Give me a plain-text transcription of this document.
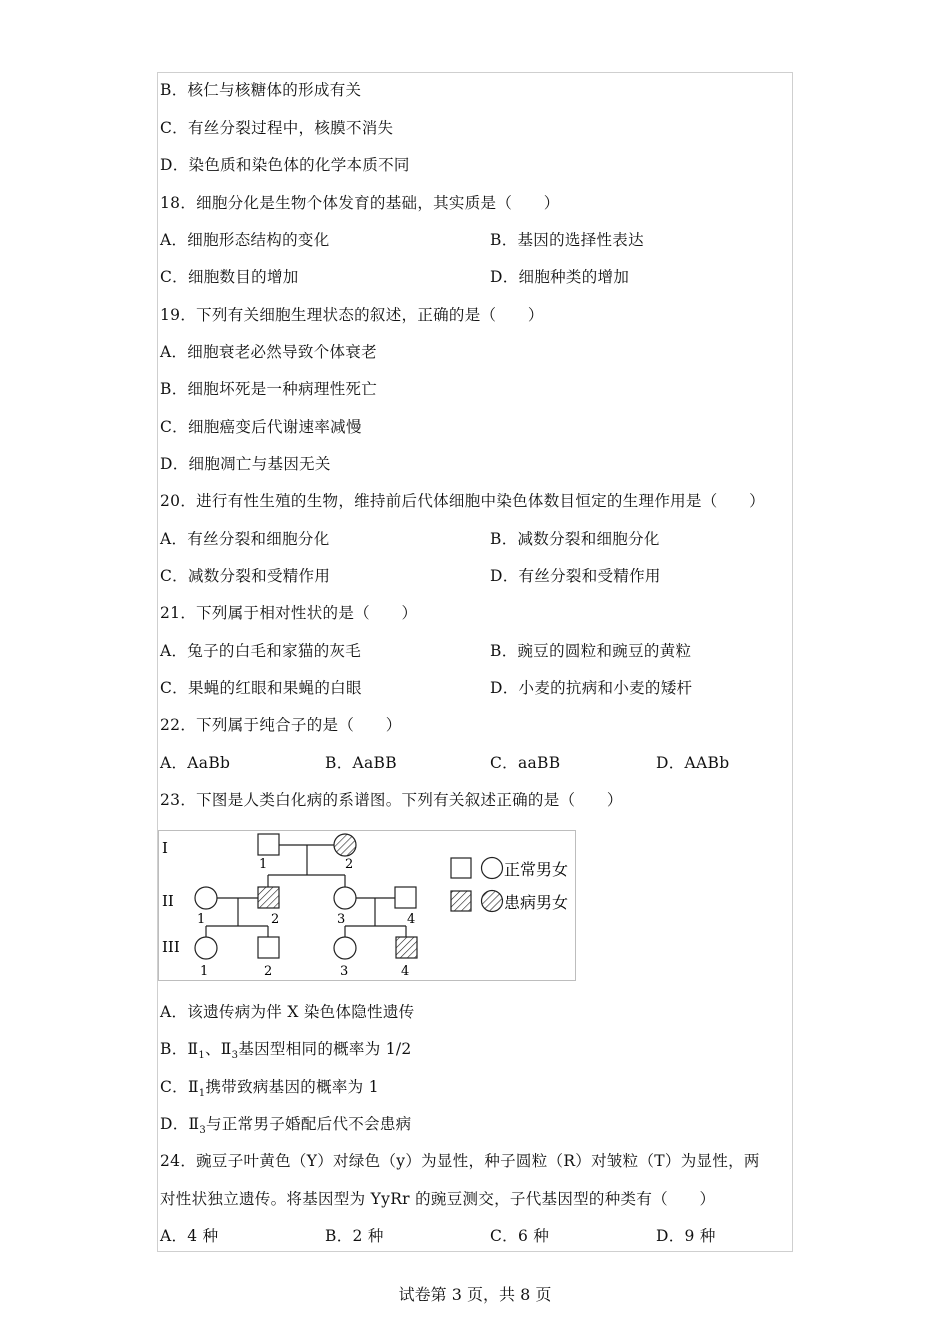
B．核仁与核糖体的形成有关
C．有丝分裂过程中，核膜不消失
D．染色质和染色体的化学本质不同
18．细胞分化是生物个体发育的基础，其实质是（　　）
A．细胞形态结构的变化	B．基因的选择性表达
C．细胞数目的增加	D．细胞种类的增加
19．下列有关细胞生理状态的叙述，正确的是（　　）
A．细胞衰老必然导致个体衰老
B．细胞坏死是一种病理性死亡
C．细胞癌变后代谢速率减慢
D．细胞凋亡与基因无关
20．进行有性生殖的生物，维持前后代体细胞中染色体数目恒定的生理作用是（　　）
A．有丝分裂和细胞分化	B．减数分裂和细胞分化
C．减数分裂和受精作用	D．有丝分裂和受精作用
21．下列属于相对性状的是（　　）
A．兔子的白毛和家猫的灰毛	B．豌豆的圆粒和豌豆的黄粒
C．果蝇的红眼和果蝇的白眼	D．小麦的抗病和小麦的矮杆
22．下列属于纯合子的是（　　）
A．AaBb	B．AaBB	C．aaBB	D．AABb
23．下图是人类白化病的系谱图。下列有关叙述正确的是（　　）
I
II
III
1	2
1	2	3	4
1	2	3	4
正常男女
患病男女
A．该遗传病为伴 X 染色体隐性遗传
B．$Ⅱ_1$、$Ⅱ_3$基因型相同的概率为 1/2
C．$Ⅱ_1$携带致病基因的概率为 1
D．$Ⅱ_3$与正常男子婚配后代不会患病
24．豌豆子叶黄色（Y）对绿色（y）为显性，种子圆粒（R）对皱粒（T）为显性，两
对性状独立遗传。将基因型为 YyRr 的豌豆测交，子代基因型的种类有（　　）
A．4 种	B．2 种	C．6 种	D．9 种
试卷第 3 页，共 8 页
